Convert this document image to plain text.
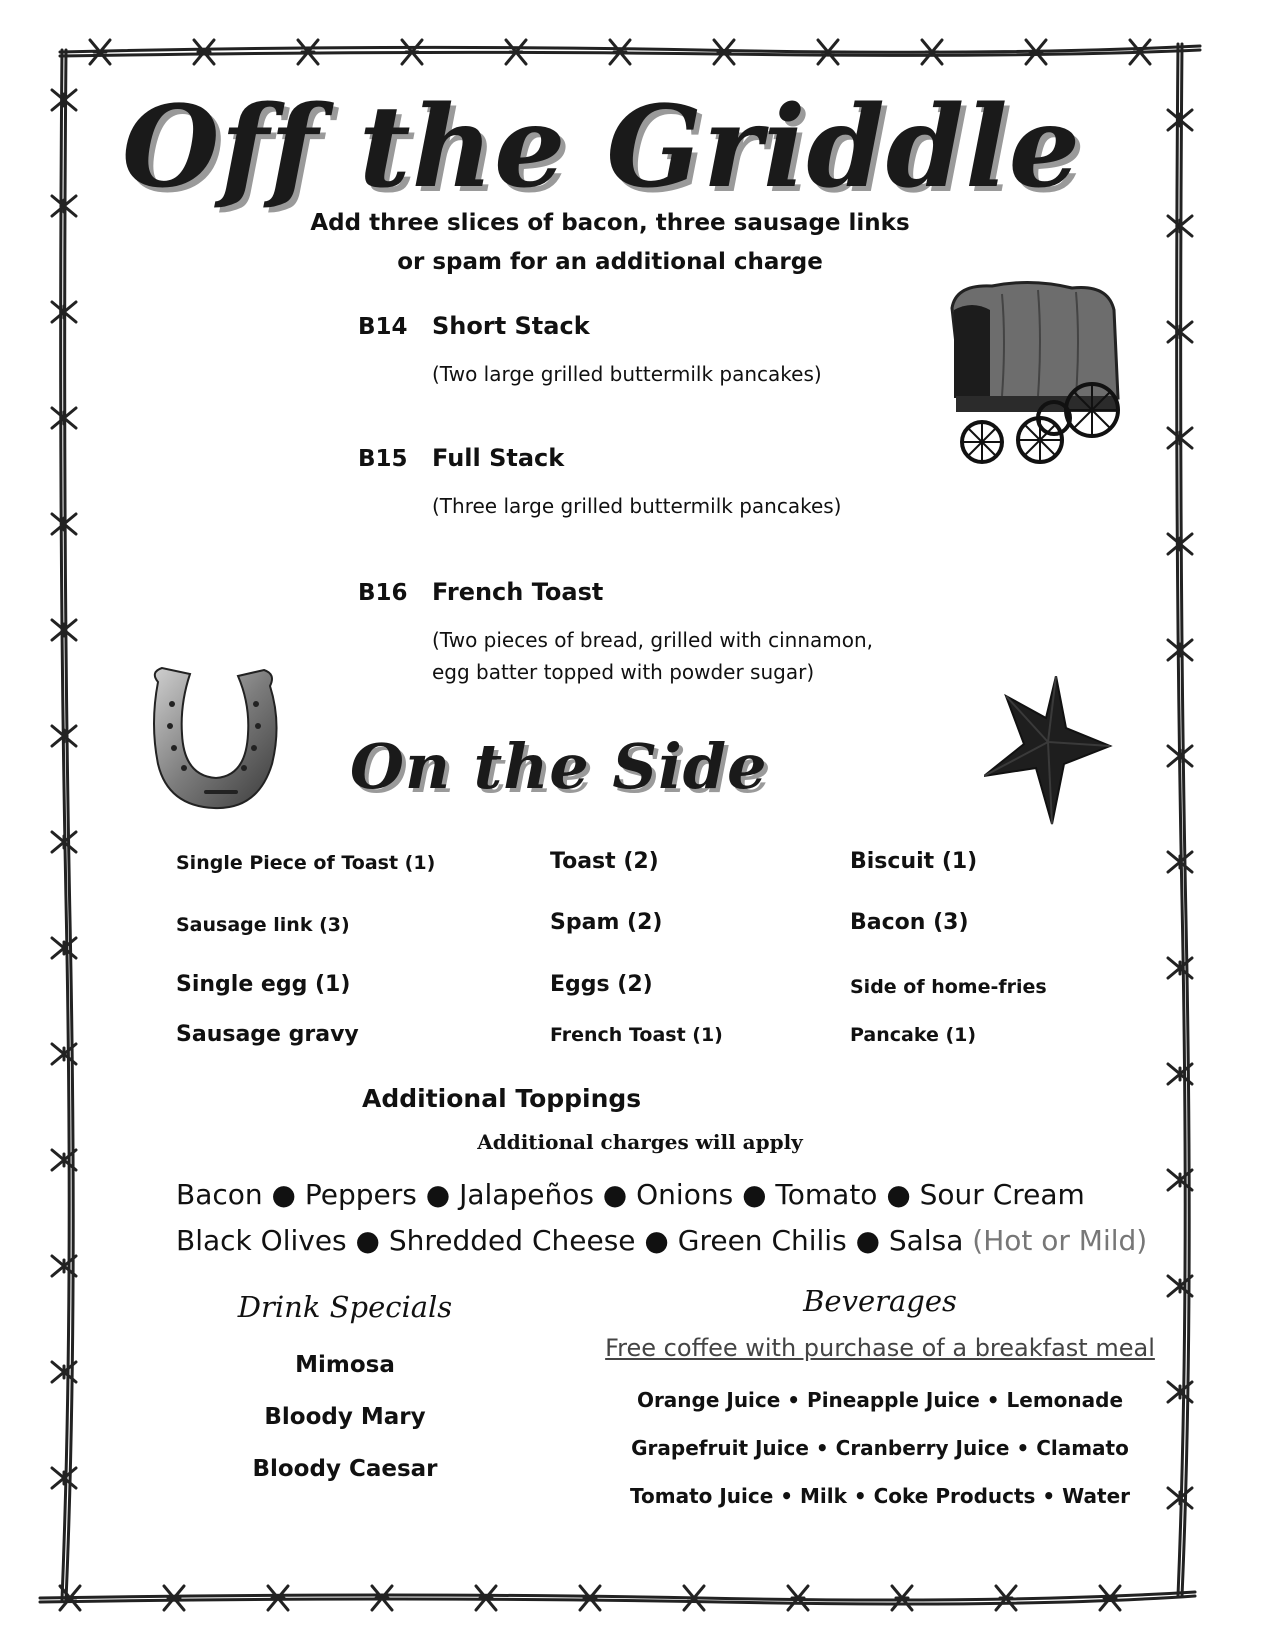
Off the Griddle
Add three slices of bacon, three sausage links
or spam for an additional charge
B14 Short Stack
(Two large grilled buttermilk pancakes)
B15 Full Stack
(Three large grilled buttermilk pancakes)
B16 French Toast
(Two pieces of bread, grilled with cinnamon,
egg batter topped with powder sugar)
On the Side
Single Piece of Toast (1)	Toast (2)	Biscuit (1)
Sausage link (3)	Spam (2)	Bacon (3)
Single egg (1)	Eggs (2)	Side of home-fries
Sausage gravy	French Toast (1)	Pancake (1)
Additional Toppings
Additional charges will apply
Bacon ● Peppers ● Jalapeños ● Onions ● Tomato ● Sour Cream
Black Olives ● Shredded Cheese ● Green Chilis ● Salsa (Hot or Mild)
Drink Specials
Mimosa
Bloody Mary
Bloody Caesar
Beverages
Free coffee with purchase of a breakfast meal
Orange Juice • Pineapple Juice • Lemonade
Grapefruit Juice • Cranberry Juice • Clamato
Tomato Juice • Milk • Coke Products • Water
